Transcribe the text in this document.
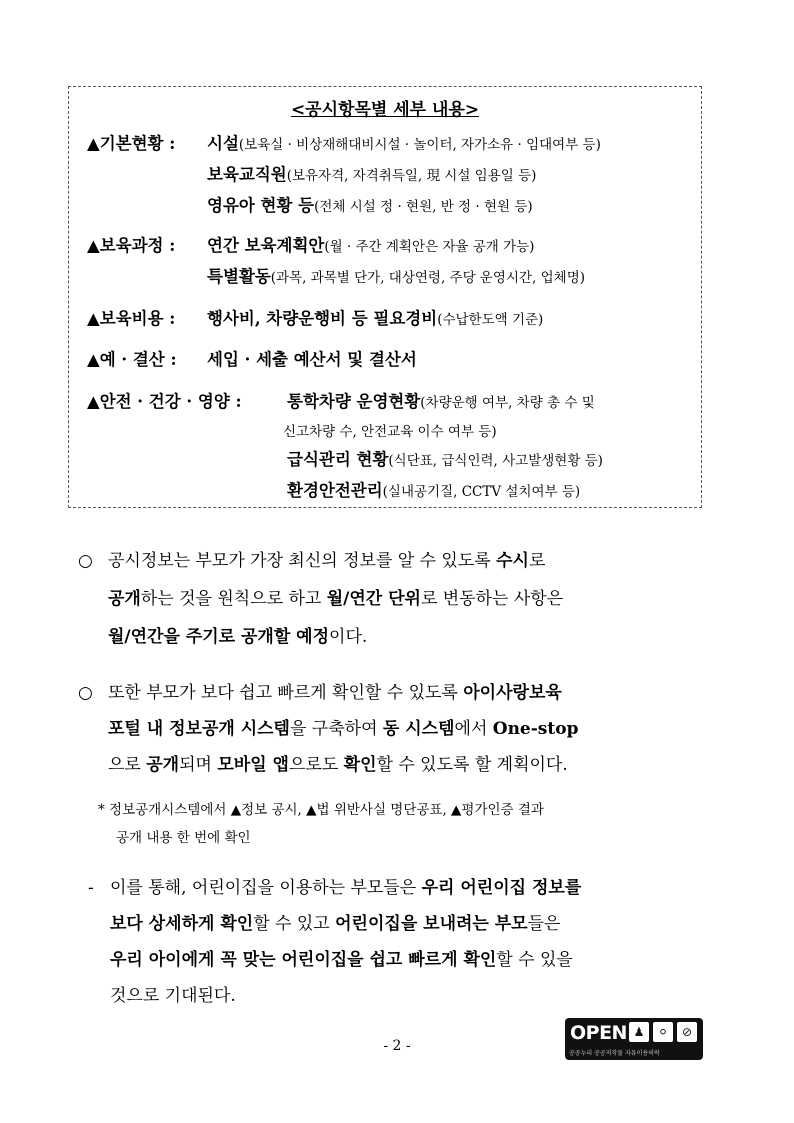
<공시항목별 세부 내용>
▲기본현황 : 시설(보육실 · 비상재해대비시설 · 놀이터, 자가소유 · 임대여부 등)
보육교직원(보유자격, 자격취득일, 現 시설 임용일 등)
영유아 현황 등(전체 시설 정 · 현원, 반 정 · 현원 등)
▲보육과정 : 연간 보육계획안(월 · 주간 계획안은 자율 공개 가능)
특별활동(과목, 과목별 단가, 대상연령, 주당 운영시간, 업체명)
▲보육비용 : 행사비, 차량운행비 등 필요경비(수납한도액 기준)
▲예 · 결산 : 세입 · 세출 예산서 및 결산서
▲안전 · 건강 · 영양 :	통학차량 운영현황(차량운행 여부, 차량 총 수 및
신고차량 수, 안전교육 이수 여부 등)
급식관리 현황(식단표, 급식인력, 사고발생현황 등)
환경안전관리(실내공기질, CCTV 설치여부 등)
○ 공시정보는 부모가 가장 최신의 정보를 알 수 있도록 수시로
공개하는 것을 원칙으로 하고 월/연간 단위로 변동하는 사항은
월/연간을 주기로 공개할 예정이다.
○ 또한 부모가 보다 쉽고 빠르게 확인할 수 있도록 아이사랑보육
포털 내 정보공개 시스템을 구축하여 동 시스템에서 One-stop
으로 공개되며 모바일 앱으로도 확인할 수 있도록 할 계획이다.
* 정보공개시스템에서 ▲정보 공시, ▲법 위반사실 명단공표, ▲평가인증 결과
공개 내용 한 번에 확인
- 이를 통해, 어린이집을 이용하는 부모들은 우리 어린이집 정보를
보다 상세하게 확인할 수 있고 어린이집을 보내려는 부모들은
우리 아이에게 꼭 맞는 어린이집을 쉽고 빠르게 확인할 수 있을
것으로 기대된다.
- 2 -
OPEN ♟	⚪	⊘
공공누리 공공저작물 자유이용허락
